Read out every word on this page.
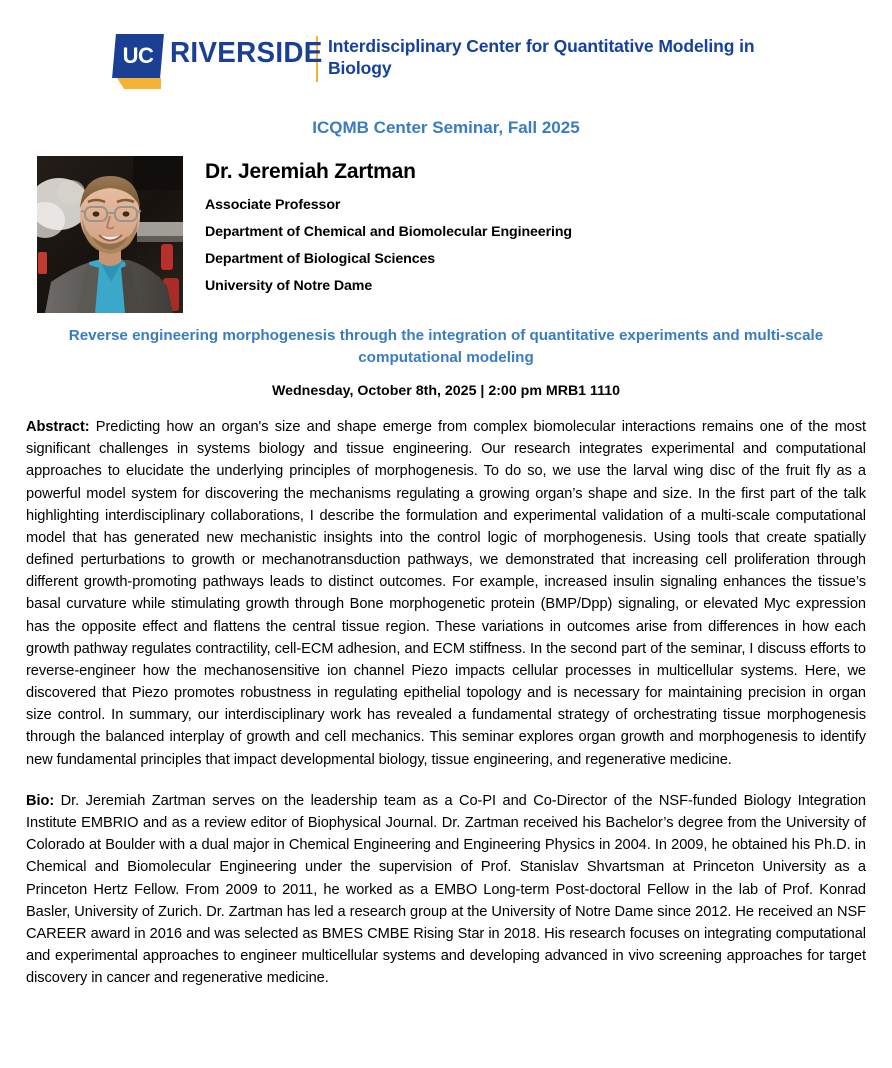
UC RIVERSIDE Interdisciplinary Center for Quantitative Modeling in Biology
ICQMB Center Seminar, Fall 2025
Dr. Jeremiah Zartman
Associate Professor
Department of Chemical and Biomolecular Engineering
Department of Biological Sciences
University of Notre Dame
Reverse engineering morphogenesis through the integration of quantitative experiments and multi-scale computational modeling
Wednesday, October 8th, 2025 | 2:00 pm MRB1 1110
Abstract: Predicting how an organ's size and shape emerge from complex biomolecular interactions remains one of the most significant challenges in systems biology and tissue engineering. Our research integrates experimental and computational approaches to elucidate the underlying principles of morphogenesis. To do so, we use the larval wing disc of the fruit fly as a powerful model system for discovering the mechanisms regulating a growing organ’s shape and size. In the first part of the talk highlighting interdisciplinary collaborations, I describe the formulation and experimental validation of a multi-scale computational model that has generated new mechanistic insights into the control logic of morphogenesis. Using tools that create spatially defined perturbations to growth or mechanotransduction pathways, we demonstrated that increasing cell proliferation through different growth-promoting pathways leads to distinct outcomes. For example, increased insulin signaling enhances the tissue’s basal curvature while stimulating growth through Bone morphogenetic protein (BMP/Dpp) signaling, or elevated Myc expression has the opposite effect and flattens the central tissue region. These variations in outcomes arise from differences in how each growth pathway regulates contractility, cell-ECM adhesion, and ECM stiffness. In the second part of the seminar, I discuss efforts to reverse-engineer how the mechanosensitive ion channel Piezo impacts cellular processes in multicellular systems. Here, we discovered that Piezo promotes robustness in regulating epithelial topology and is necessary for maintaining precision in organ size control. In summary, our interdisciplinary work has revealed a fundamental strategy of orchestrating tissue morphogenesis through the balanced interplay of growth and cell mechanics. This seminar explores organ growth and morphogenesis to identify new fundamental principles that impact developmental biology, tissue engineering, and regenerative medicine.
Bio: Dr. Jeremiah Zartman serves on the leadership team as a Co-PI and Co-Director of the NSF-funded Biology Integration Institute EMBRIO and as a review editor of Biophysical Journal. Dr. Zartman received his Bachelor’s degree from the University of Colorado at Boulder with a dual major in Chemical Engineering and Engineering Physics in 2004. In 2009, he obtained his Ph.D. in Chemical and Biomolecular Engineering under the supervision of Prof. Stanislav Shvartsman at Princeton University as a Princeton Hertz Fellow. From 2009 to 2011, he worked as a EMBO Long-term Post-doctoral Fellow in the lab of Prof. Konrad Basler, University of Zurich. Dr. Zartman has led a research group at the University of Notre Dame since 2012. He received an NSF CAREER award in 2016 and was selected as BMES CMBE Rising Star in 2018. His research focuses on integrating computational and experimental approaches to engineer multicellular systems and developing advanced in vivo screening approaches for target discovery in cancer and regenerative medicine.
